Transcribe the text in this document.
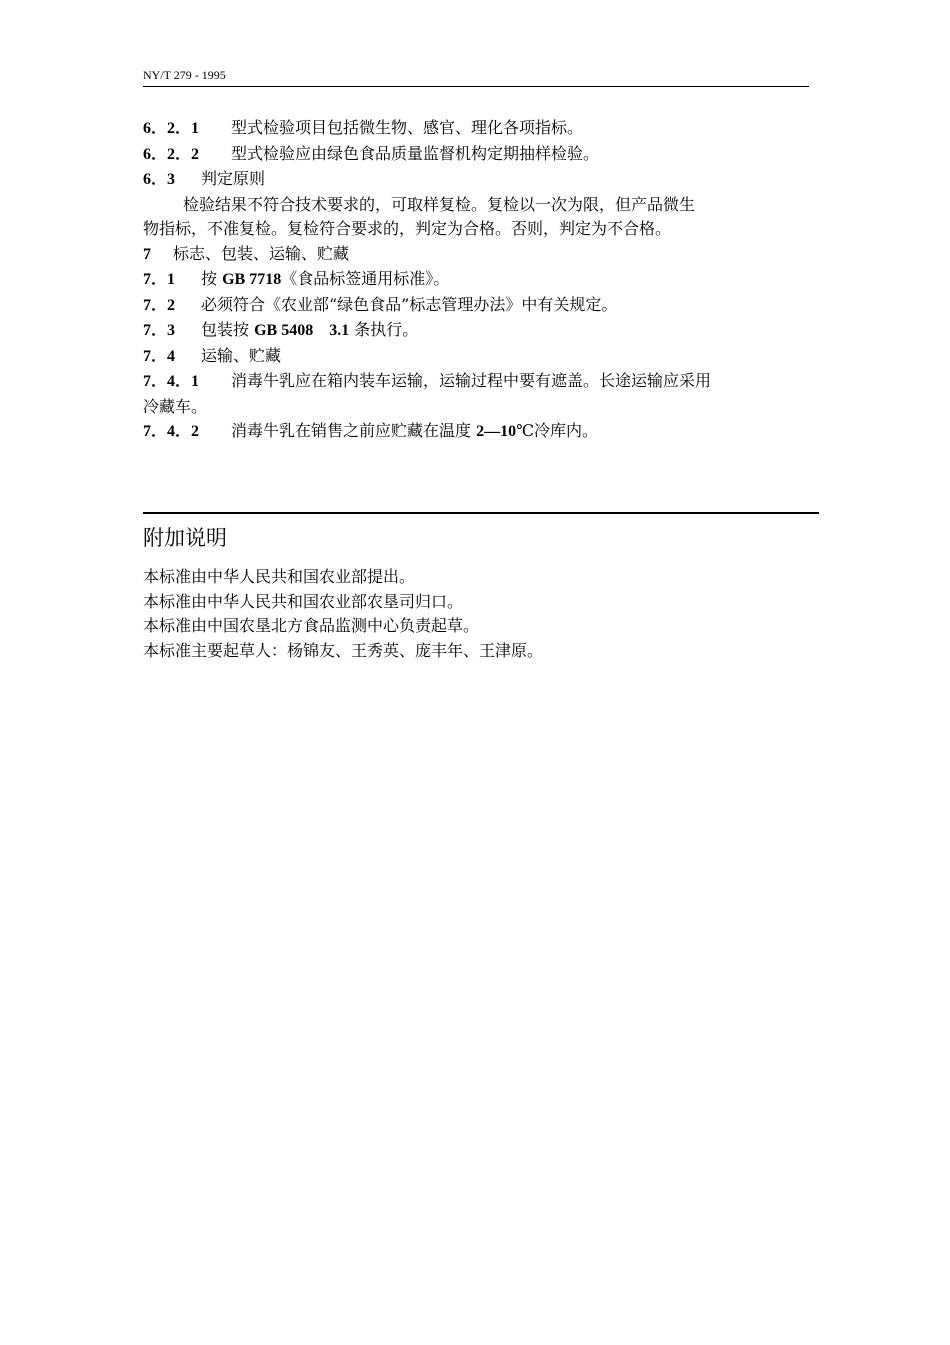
NY/T 279 - 1995
6．2．1 型式检验项目包括微生物、感官、理化各项指标。
6．2．2 型式检验应由绿色食品质量监督机构定期抽样检验。
6．3 判定原则
检验结果不符合技术要求的，可取样复检。复检以一次为限，但产品微生
物指标，不准复检。复检符合要求的，判定为合格。否则，判定为不合格。
7 标志、包装、运输、贮藏
7．1 按 GB 7718《食品标签通用标准》。
7．2 必须符合《农业部“绿色食品”标志管理办法》中有关规定。
7．3 包装按 GB 5408　3.1 条执行。
7．4 运输、贮藏
7．4．1 消毒牛乳应在箱内装车运输，运输过程中要有遮盖。长途运输应采用
冷藏车。
7．4．2 消毒牛乳在销售之前应贮藏在温度 2—10℃冷库内。
附加说明
本标准由中华人民共和国农业部提出。
本标准由中华人民共和国农业部农垦司归口。
本标准由中国农垦北方食品监测中心负责起草。
本标准主要起草人：杨锦友、王秀英、庞丰年、王津原。
